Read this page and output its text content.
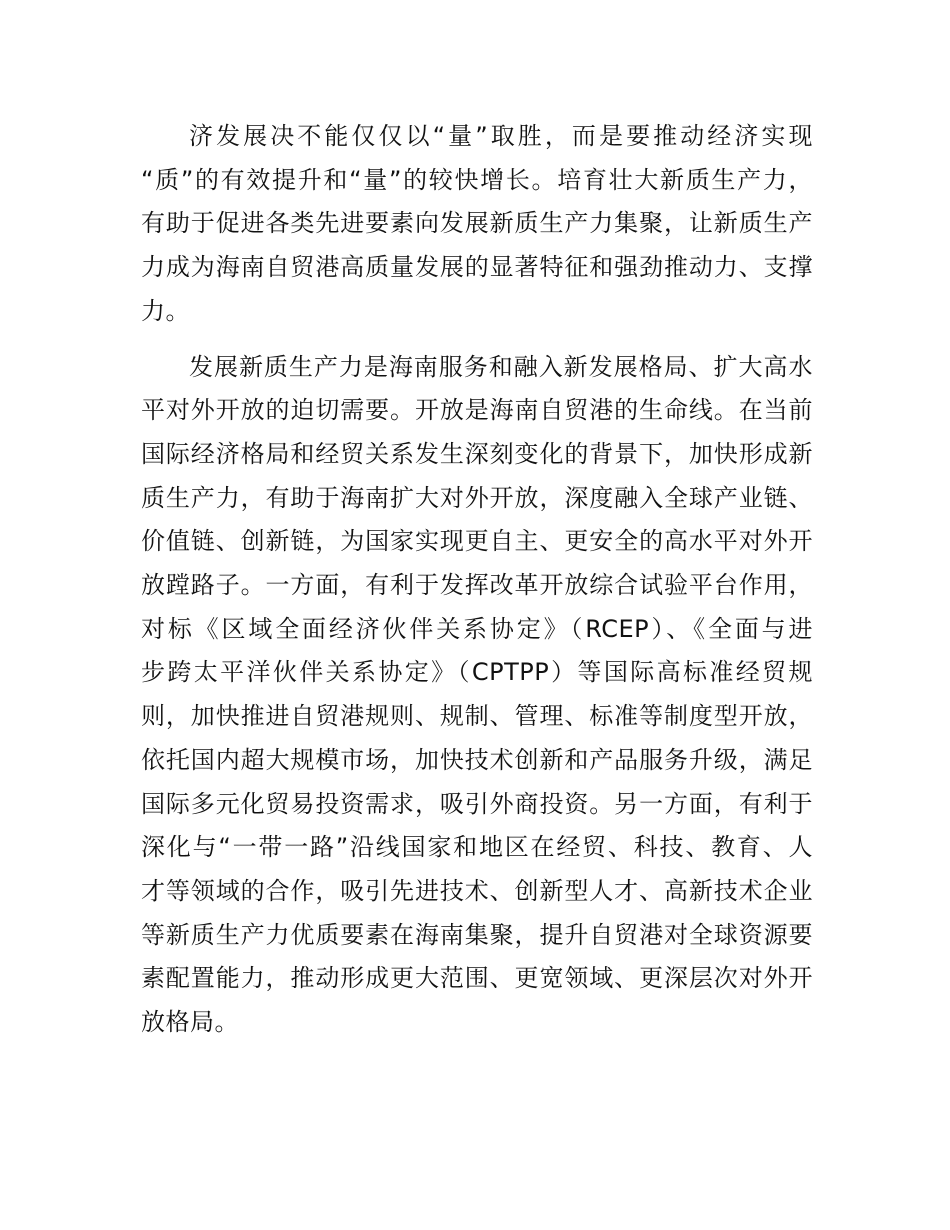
济发展决不能仅仅以“量”取胜，而是要推动经济实现
“质”的有效提升和“量”的较快增长。培育壮大新质生产力，
有助于促进各类先进要素向发展新质生产力集聚，让新质生产
力成为海南自贸港高质量发展的显著特征和强劲推动力、支撑
力。

发展新质生产力是海南服务和融入新发展格局、扩大高水
平对外开放的迫切需要。开放是海南自贸港的生命线。在当前
国际经济格局和经贸关系发生深刻变化的背景下，加快形成新
质生产力，有助于海南扩大对外开放，深度融入全球产业链、
价值链、创新链，为国家实现更自主、更安全的高水平对外开
放蹚路子。一方面，有利于发挥改革开放综合试验平台作用，
对标《区域全面经济伙伴关系协定》（RCEP）、《全面与进
步跨太平洋伙伴关系协定》（CPTPP）等国际高标准经贸规
则，加快推进自贸港规则、规制、管理、标准等制度型开放，
依托国内超大规模市场，加快技术创新和产品服务升级，满足
国际多元化贸易投资需求，吸引外商投资。另一方面，有利于
深化与“一带一路”沿线国家和地区在经贸、科技、教育、人
才等领域的合作，吸引先进技术、创新型人才、高新技术企业
等新质生产力优质要素在海南集聚，提升自贸港对全球资源要
素配置能力，推动形成更大范围、更宽领域、更深层次对外开
放格局。
